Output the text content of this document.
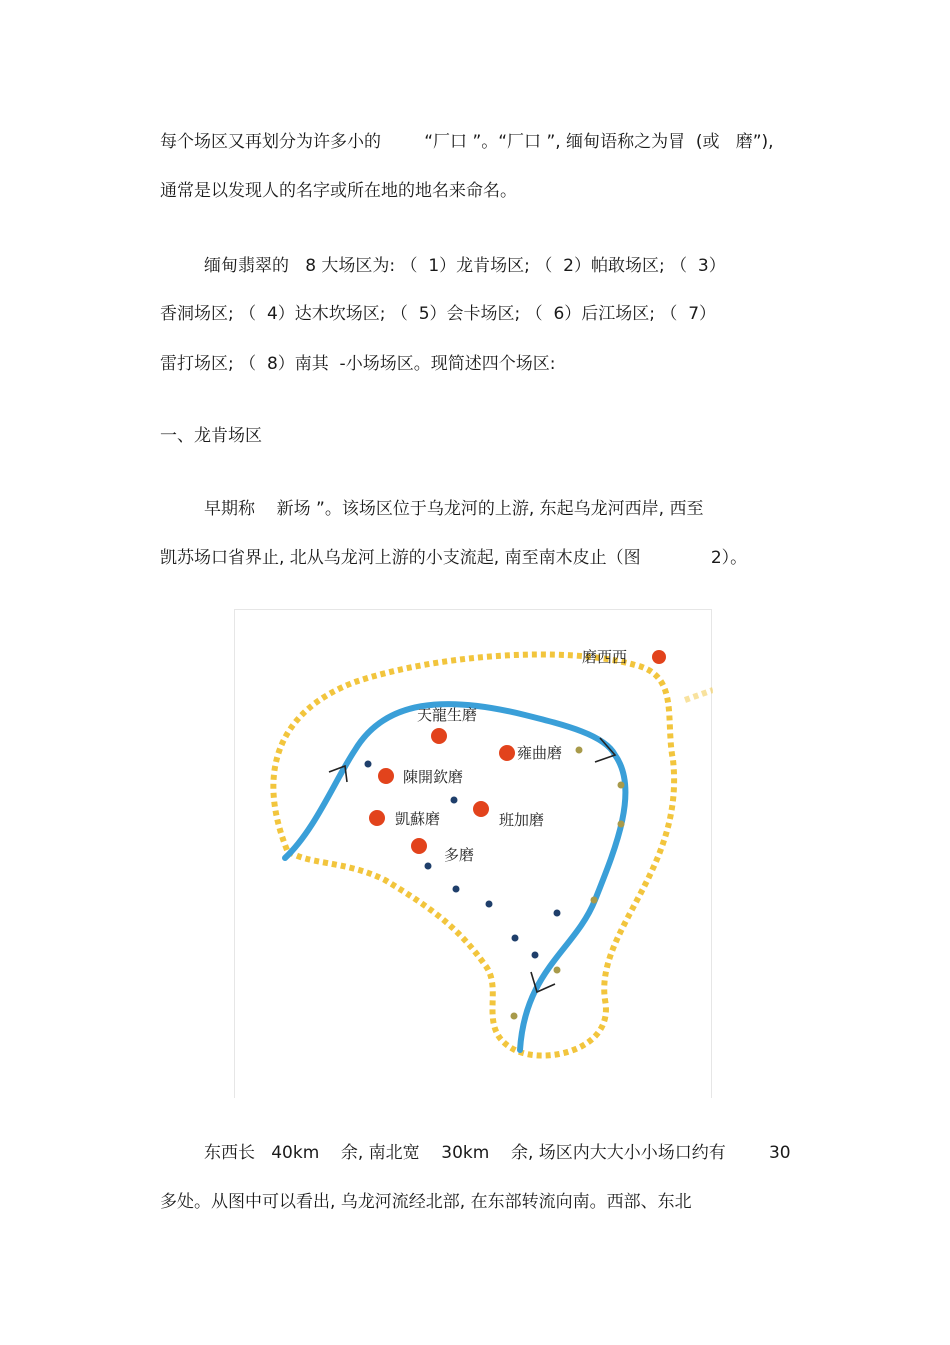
每个场区又再划分为许多小的        “厂口 ”。“厂口 ”, 缅甸语称之为冒  (或   磨”),
通常是以发现人的名字或所在地的地名来命名。
缅甸翡翠的   8 大场区为: （  1）龙肯场区; （  2）帕敢场区; （  3）
香洞场区; （  4）达木坎场区; （  5）会卡场区; （  6）后江场区; （  7）
雷打场区; （  8）南其  -小场场区。现简述四个场区:
一、龙肯场区
早期称    新场 ”。该场区位于乌龙河的上游, 东起乌龙河西岸, 西至
凯苏场口省界止, 北从乌龙河上游的小支流起, 南至南木皮止（图             2）。
磨西西
天龍生磨
雍曲磨
陳開欽磨
凱蘇磨	班加磨
多磨
东西长   40km    余, 南北宽    30km    余, 场区内大大小小场口约有        30
多处。从图中可以看出, 乌龙河流经北部, 在东部转流向南。西部、东北
